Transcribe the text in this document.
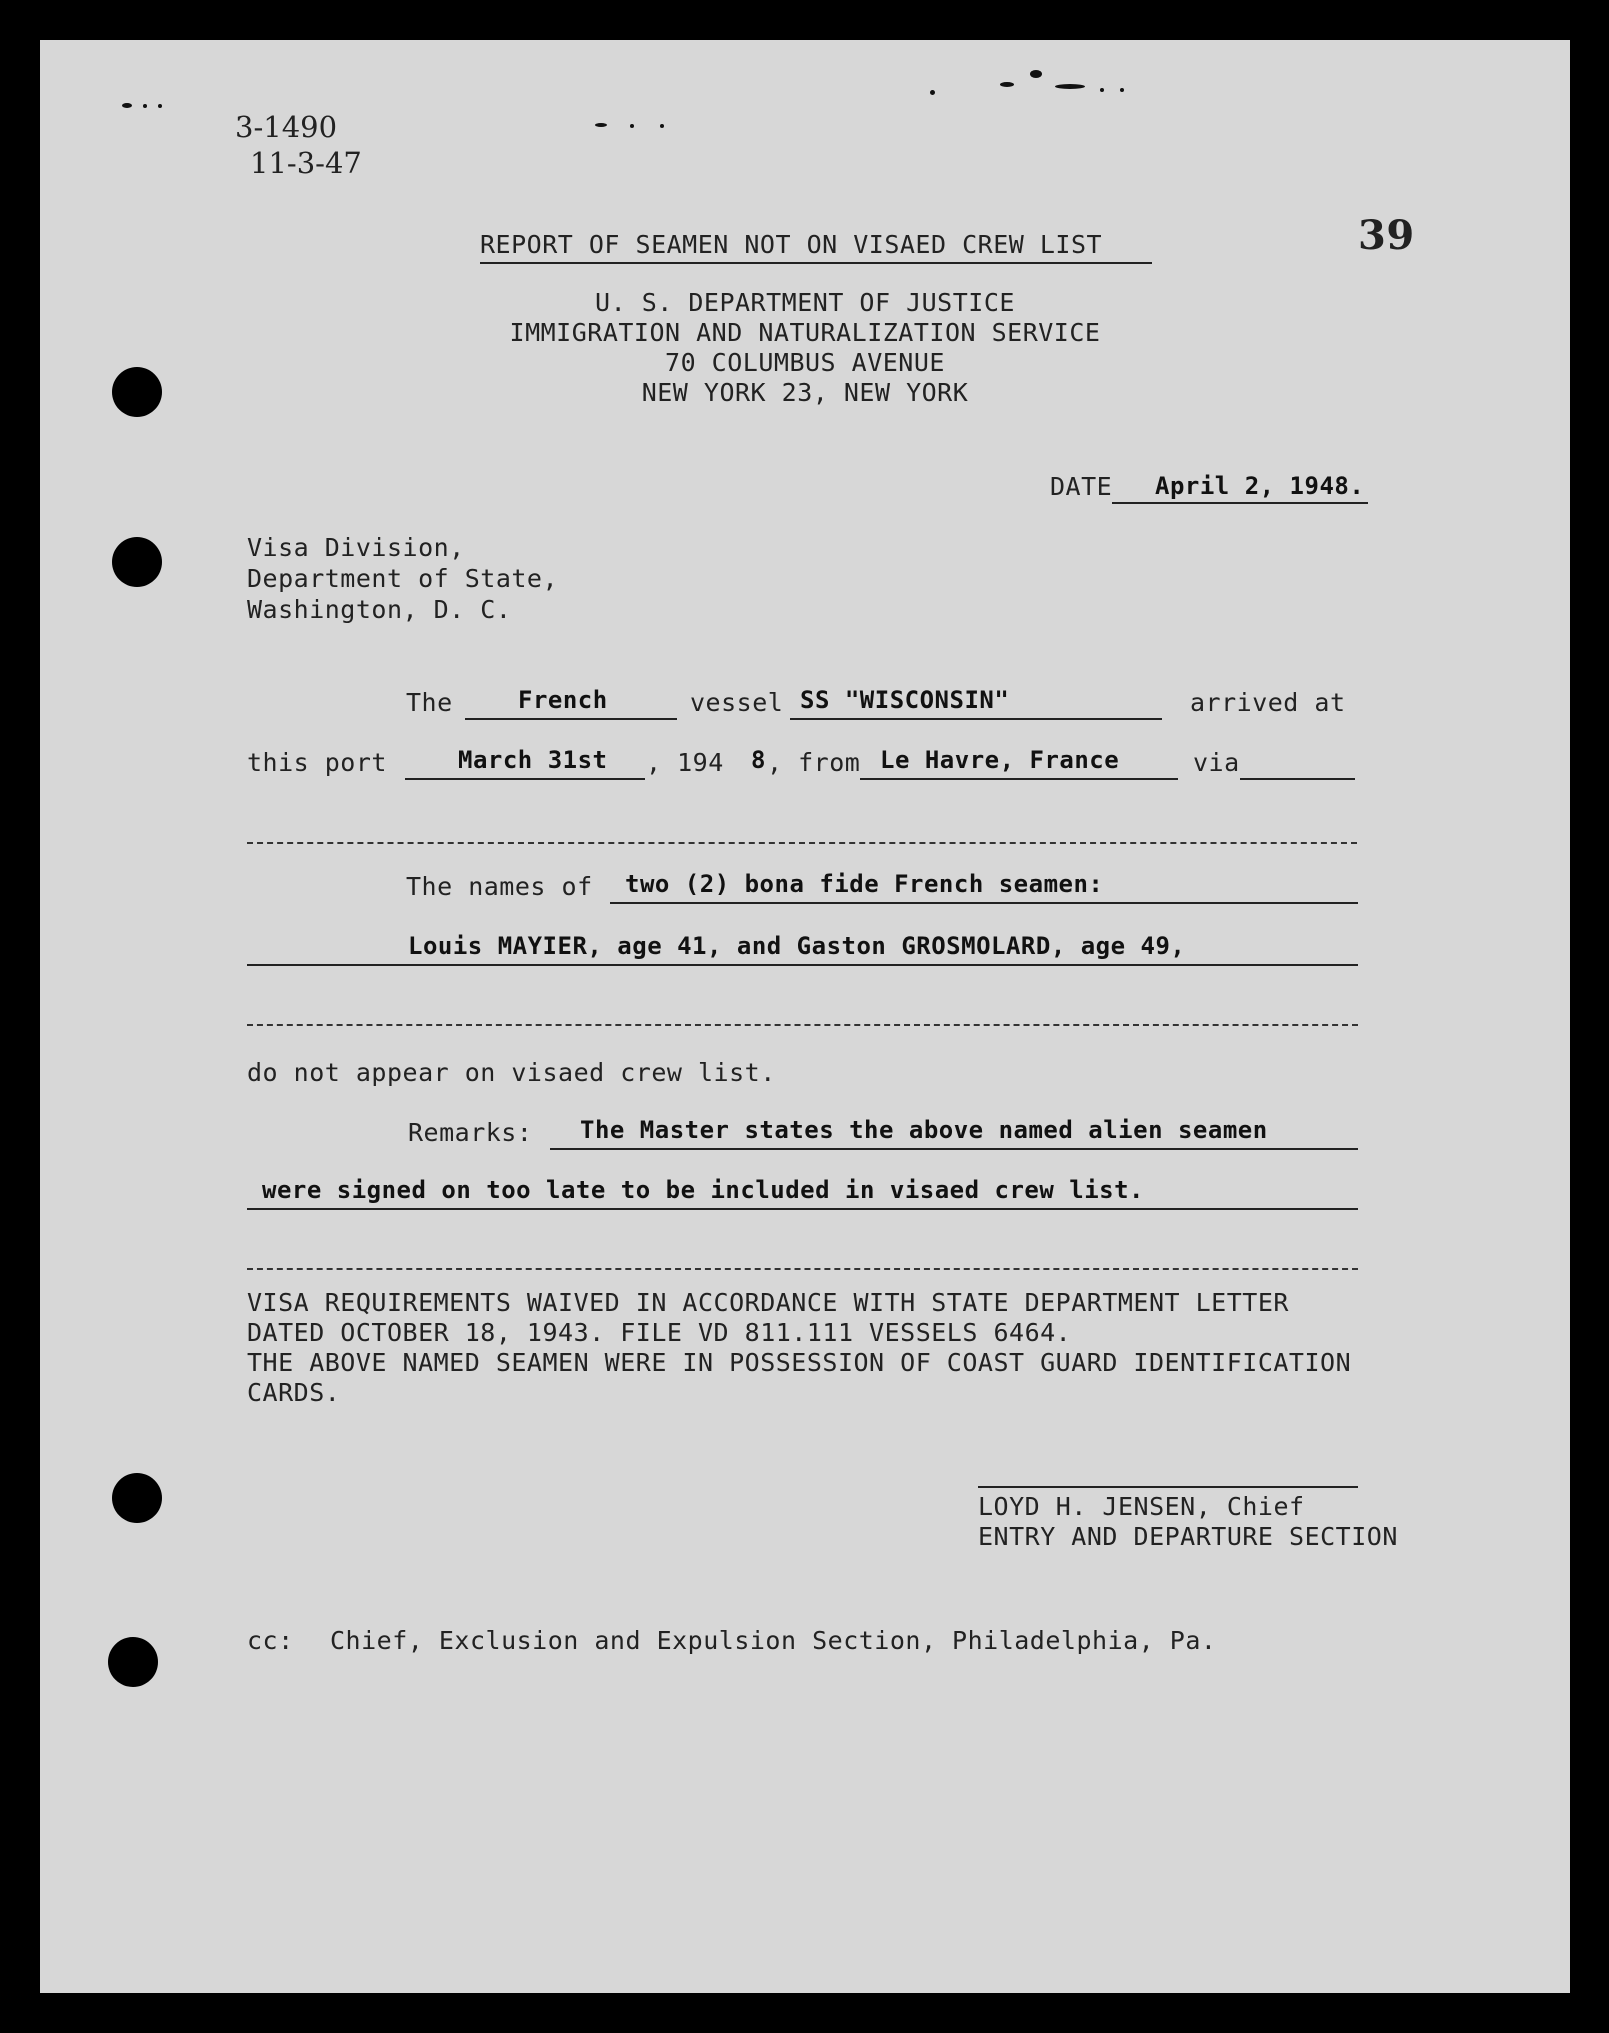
3-1490
11-3-47
39
REPORT OF SEAMEN NOT ON VISAED CREW LIST
U. S. DEPARTMENT OF JUSTICE
IMMIGRATION AND NATURALIZATION SERVICE
70 COLUMBUS AVENUE
NEW YORK 23, NEW YORK
DATE April 2, 1948.
Visa Division,
Department of State,
Washington, D. C.
The	French	vessel SS "WISCONSIN"	arrived at
this port	March 31st , 194 8 , from Le Havre, France	via
The names of two (2) bona fide French seamen:
Louis MAYIER, age 41, and Gaston GROSMOLARD, age 49,
do not appear on visaed crew list.
Remarks: The Master states the above named alien seamen
were signed on too late to be included in visaed crew list.
VISA REQUIREMENTS WAIVED IN ACCORDANCE WITH STATE DEPARTMENT LETTER
DATED OCTOBER 18, 1943. FILE VD 811.111 VESSELS 6464.
THE ABOVE NAMED SEAMEN WERE IN POSSESSION OF COAST GUARD IDENTIFICATION
CARDS.
LOYD H. JENSEN, Chief
ENTRY AND DEPARTURE SECTION
cc: Chief, Exclusion and Expulsion Section, Philadelphia, Pa.
